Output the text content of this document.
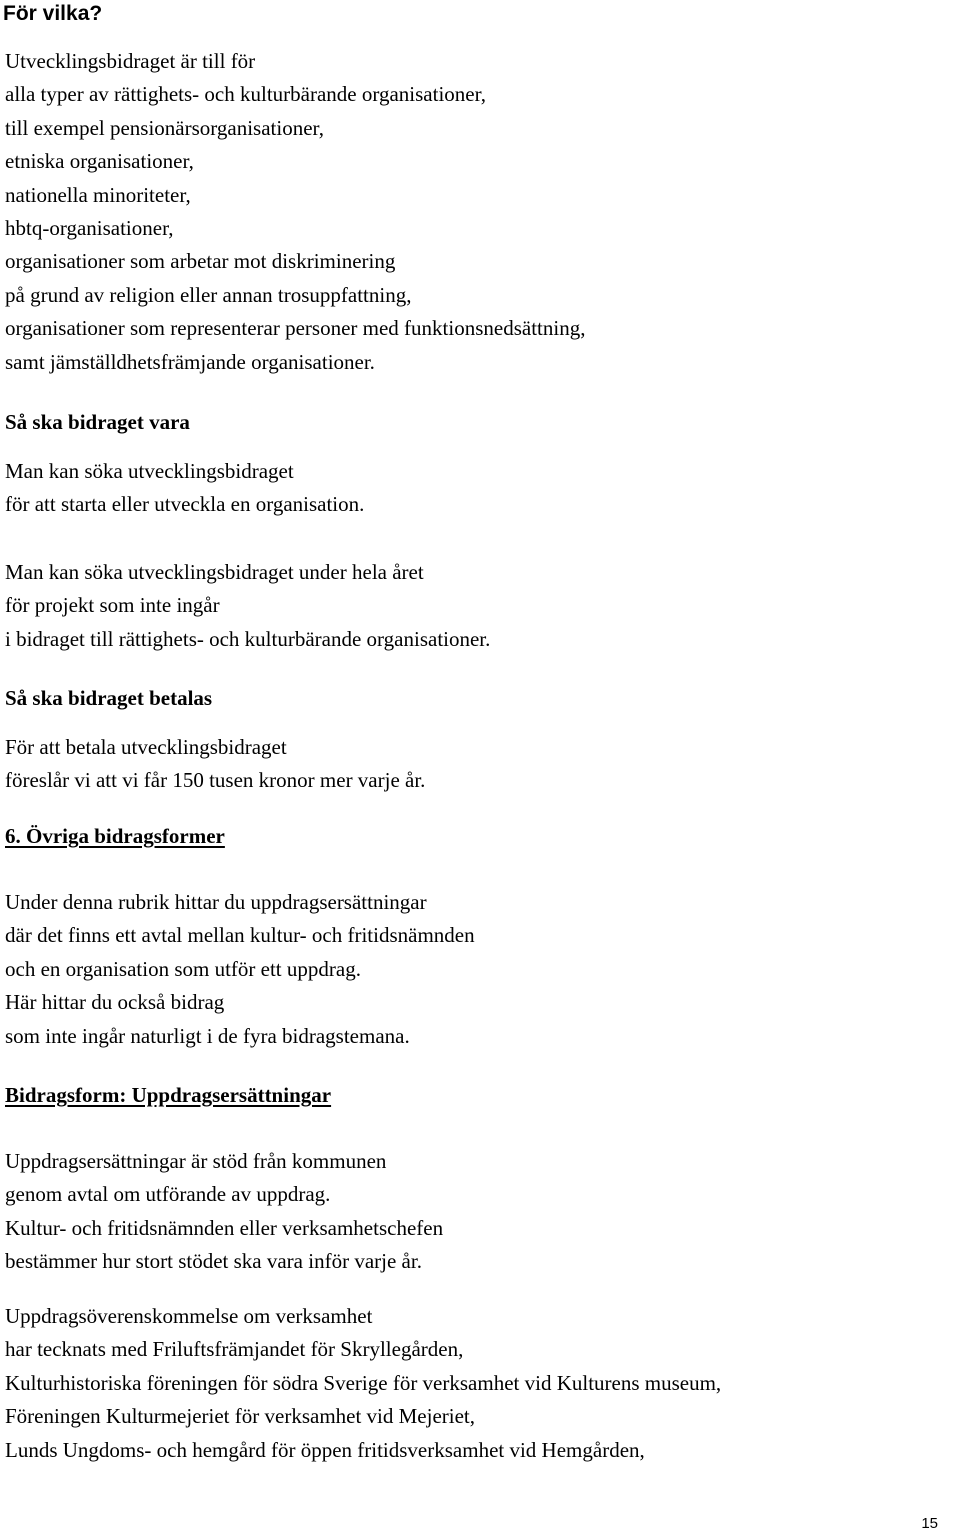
För vilka?

Utvecklingsbidraget är till för
alla typer av rättighets- och kulturbärande organisationer,
till exempel pensionärsorganisationer,
etniska organisationer,
nationella minoriteter,
hbtq-organisationer,
organisationer som arbetar mot diskriminering
på grund av religion eller annan trosuppfattning,
organisationer som representerar personer med funktionsnedsättning,
samt jämställdhetsfrämjande organisationer.

Så ska bidraget vara

Man kan söka utvecklingsbidraget
för att starta eller utveckla en organisation.

Man kan söka utvecklingsbidraget under hela året
för projekt som inte ingår
i bidraget till rättighets- och kulturbärande organisationer.

Så ska bidraget betalas

För att betala utvecklingsbidraget
föreslår vi att vi får 150 tusen kronor mer varje år.

6. Övriga bidragsformer

Under denna rubrik hittar du uppdragsersättningar
där det finns ett avtal mellan kultur- och fritidsnämnden
och en organisation som utför ett uppdrag.
Här hittar du också bidrag
som inte ingår naturligt i de fyra bidragstemana.

Bidragsform: Uppdragsersättningar

Uppdragsersättningar är stöd från kommunen
genom avtal om utförande av uppdrag.
Kultur- och fritidsnämnden eller verksamhetschefen
bestämmer hur stort stödet ska vara inför varje år.

Uppdragsöverenskommelse om verksamhet
har tecknats med Friluftsfrämjandet för Skryllegården,
Kulturhistoriska föreningen för södra Sverige för verksamhet vid Kulturens museum,
Föreningen Kulturmejeriet för verksamhet vid Mejeriet,
Lunds Ungdoms- och hemgård för öppen fritidsverksamhet vid Hemgården,

15
